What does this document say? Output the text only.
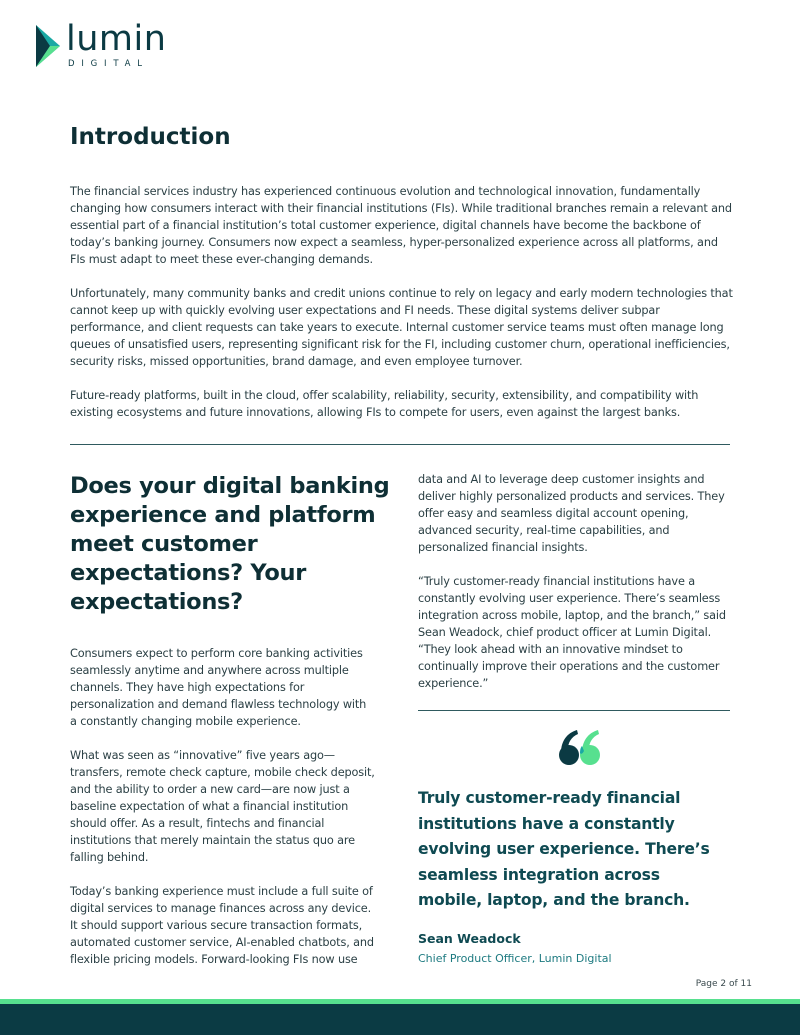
lumin
DIGITAL
Introduction

The financial services industry has experienced continuous evolution and technological innovation, fundamentally changing how consumers interact with their financial institutions (FIs). While traditional branches remain a relevant and essential part of a financial institution’s total customer experience, digital channels have become the backbone of today’s banking journey. Consumers now expect a seamless, hyper-personalized experience across all platforms, and FIs must adapt to meet these ever-changing demands.

Unfortunately, many community banks and credit unions continue to rely on legacy and early modern technologies that cannot keep up with quickly evolving user expectations and FI needs. These digital systems deliver subpar performance, and client requests can take years to execute. Internal customer service teams must often manage long queues of unsatisfied users, representing significant risk for the FI, including customer churn, operational inefficiencies, security risks, missed opportunities, brand damage, and even employee turnover.

Future-ready platforms, built in the cloud, offer scalability, reliability, security, extensibility, and compatibility with existing ecosystems and future innovations, allowing FIs to compete for users, even against the largest banks.

Does your digital banking experience and platform meet customer expectations? Your expectations?

Consumers expect to perform core banking activities seamlessly anytime and anywhere across multiple channels. They have high expectations for personalization and demand flawless technology with a constantly changing mobile experience.

What was seen as “innovative” five years ago—transfers, remote check capture, mobile check deposit, and the ability to order a new card—are now just a baseline expectation of what a financial institution should offer. As a result, fintechs and financial institutions that merely maintain the status quo are falling behind.

Today’s banking experience must include a full suite of digital services to manage finances across any device. It should support various secure transaction formats, automated customer service, AI-enabled chatbots, and flexible pricing models. Forward-looking FIs now use

data and AI to leverage deep customer insights and deliver highly personalized products and services. They offer easy and seamless digital account opening, advanced security, real-time capabilities, and personalized financial insights.

“Truly customer-ready financial institutions have a constantly evolving user experience. There’s seamless integration across mobile, laptop, and the branch,” said Sean Weadock, chief product officer at Lumin Digital. “They look ahead with an innovative mindset to continually improve their operations and the customer experience.”

Truly customer-ready financial institutions have a constantly evolving user experience. There’s seamless integration across mobile, laptop, and the branch.

Sean Weadock

Chief Product Officer, Lumin Digital

Page 2 of 11
